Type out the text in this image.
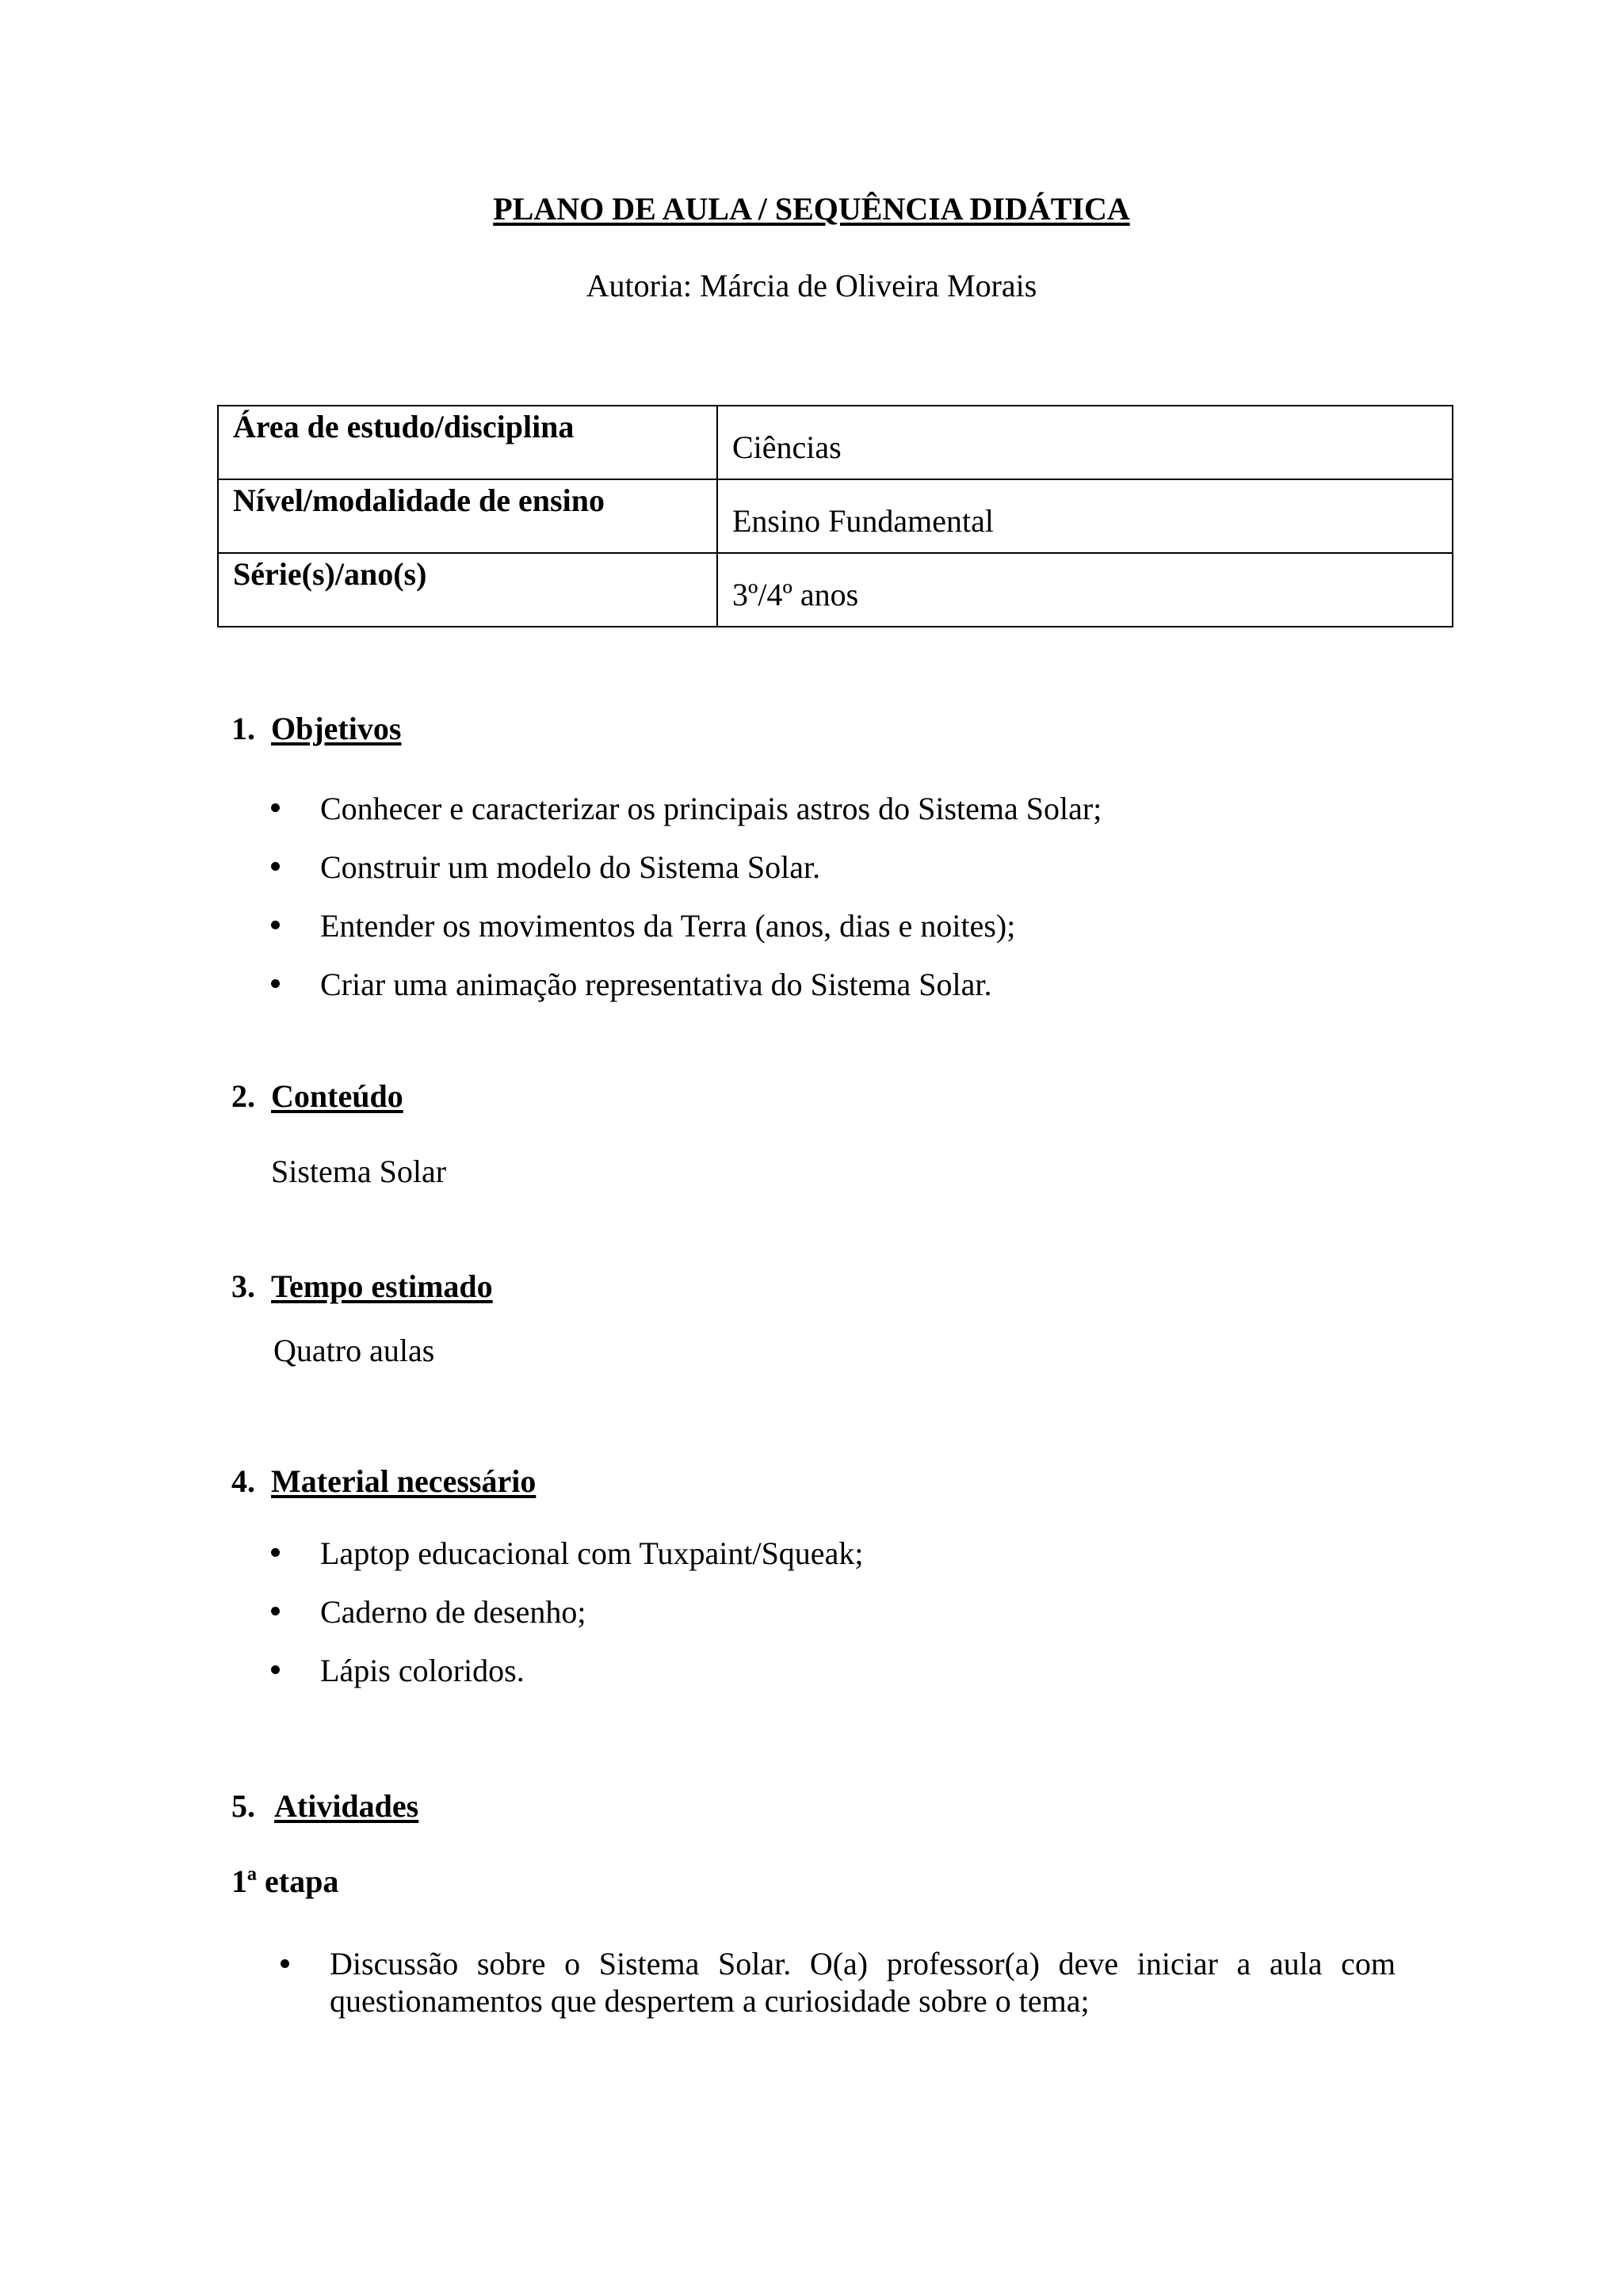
PLANO DE AULA / SEQUÊNCIA DIDÁTICA
Autoria: Márcia de Oliveira Morais
Área de estudo/disciplina	Ciências
Nível/modalidade de ensino	Ensino Fundamental
Série(s)/ano(s)	3º/4º anos
1. Objetivos
Conhecer e caracterizar os principais astros do Sistema Solar;
Construir um modelo do Sistema Solar.
Entender os movimentos da Terra (anos, dias e noites);
Criar uma animação representativa do Sistema Solar.
2. Conteúdo
Sistema Solar
3. Tempo estimado
Quatro aulas
4. Material necessário
Laptop educacional com Tuxpaint/Squeak;
Caderno de desenho;
Lápis coloridos.
5. Atividades
1ª etapa
Discussão sobre o Sistema Solar. O(a) professor(a) deve iniciar a aula com questionamentos que despertem a curiosidade sobre o tema;
